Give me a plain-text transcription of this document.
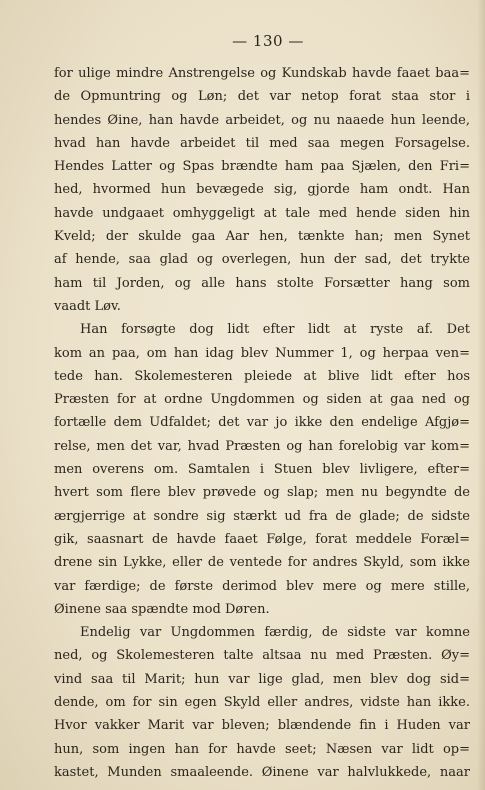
— 130 —
for ulige mindre Anstrengelse og Kundskab havde faaet baa=
de Opmuntring og Løn; det var netop forat staa stor i
hendes Øine, han havde arbeidet, og nu naaede hun leende,
hvad han havde arbeidet til med saa megen Forsagelse.
Hendes Latter og Spas brændte ham paa Sjælen, den Fri=
hed, hvormed hun bevægede sig, gjorde ham ondt. Han
havde undgaaet omhyggeligt at tale med hende siden hin
Kveld; der skulde gaa Aar hen, tænkte han; men Synet
af hende, saa glad og overlegen, hun der sad, det trykte
ham til Jorden, og alle hans stolte Forsætter hang som
vaadt Løv.
Han forsøgte dog lidt efter lidt at ryste af. Det
kom an paa, om han idag blev Nummer 1, og herpaa ven=
tede han. Skolemesteren pleiede at blive lidt efter hos
Præsten for at ordne Ungdommen og siden at gaa ned og
fortælle dem Udfaldet; det var jo ikke den endelige Afgjø=
relse, men det var, hvad Præsten og han forelobig var kom=
men overens om. Samtalen i Stuen blev livligere, efter=
hvert som flere blev prøvede og slap; men nu begyndte de
ærgjerrige at sondre sig stærkt ud fra de glade; de sidste
gik, saasnart de havde faaet Følge, forat meddele Foræl=
drene sin Lykke, eller de ventede for andres Skyld, som ikke
var færdige; de første derimod blev mere og mere stille,
Øinene saa spændte mod Døren.
Endelig var Ungdommen færdig, de sidste var komne
ned, og Skolemesteren talte altsaa nu med Præsten. Øy=
vind saa til Marit; hun var lige glad, men blev dog sid=
dende, om for sin egen Skyld eller andres, vidste han ikke.
Hvor vakker Marit var bleven; blændende fin i Huden var
hun, som ingen han for havde seet; Næsen var lidt op=
kastet, Munden smaaleende. Øinene var halvlukkede, naar
